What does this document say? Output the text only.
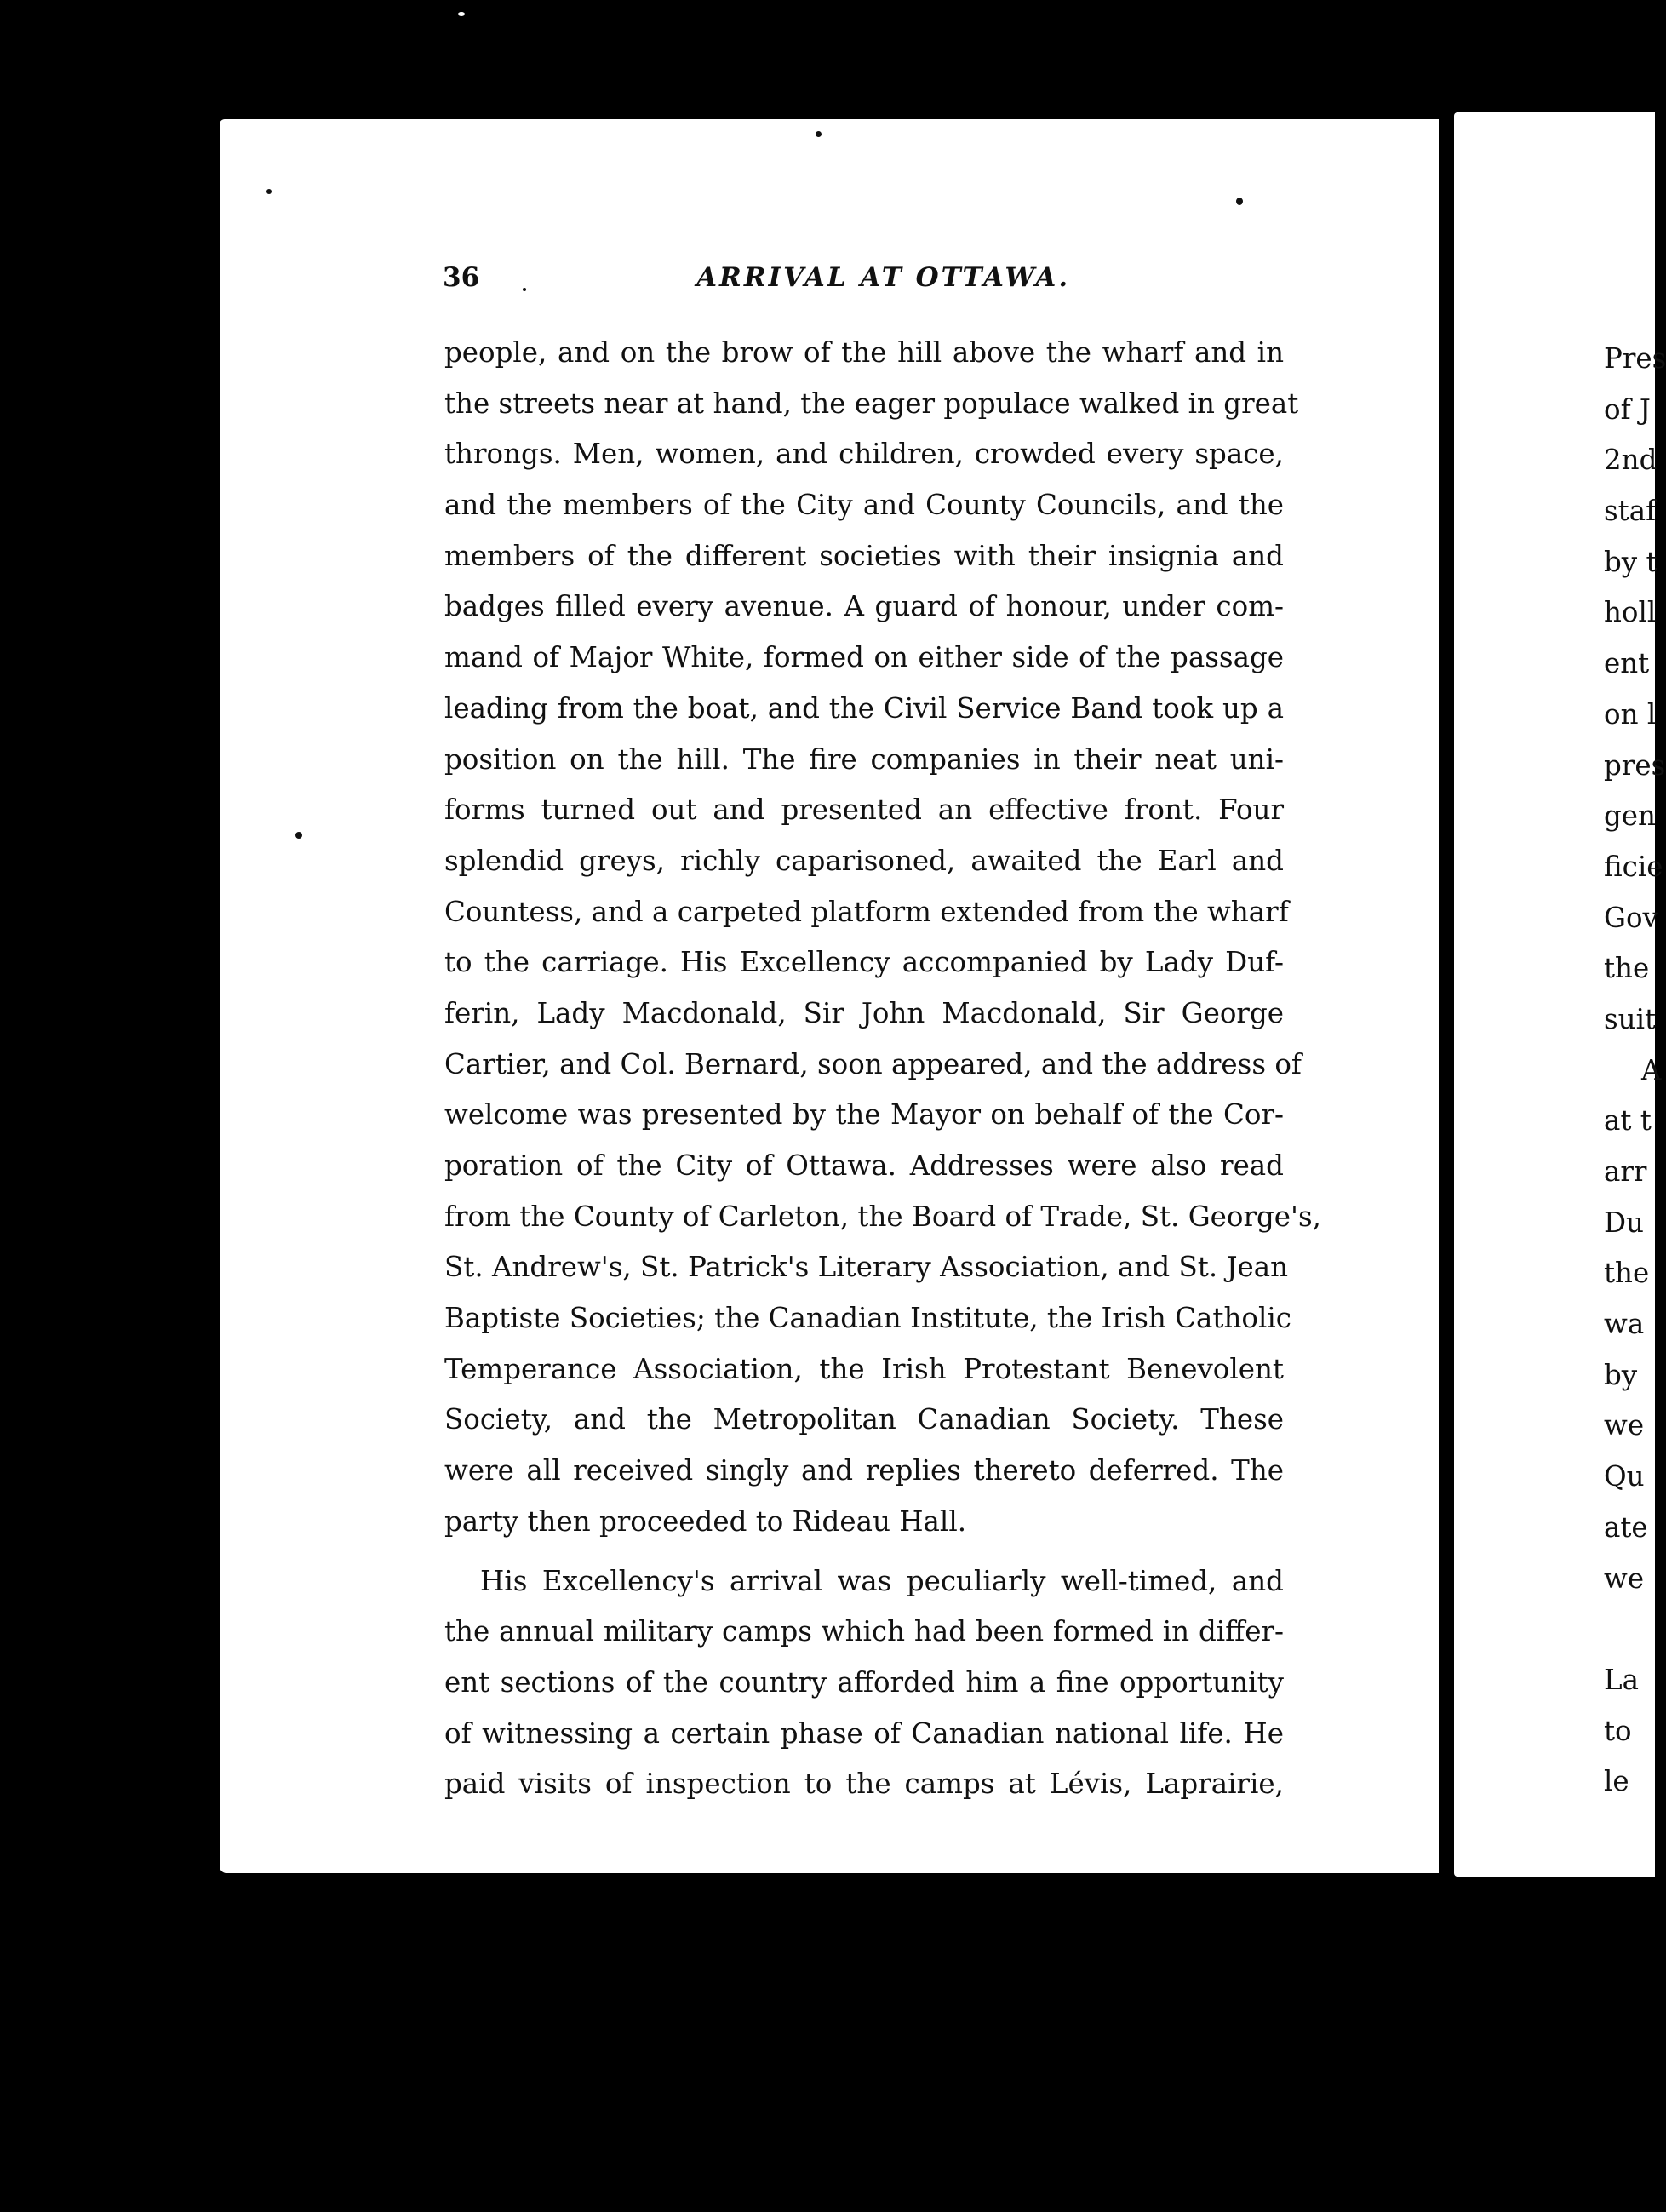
36	ARRIVAL AT OTTAWA.
people, and on the brow of the hill above the wharf and in
the streets near at hand, the eager populace walked in great
throngs. Men, women, and children, crowded every space,
and the members of the City and County Councils, and the
members of the different societies with their insignia and
badges filled every avenue. A guard of honour, under com-
mand of Major White, formed on either side of the passage
leading from the boat, and the Civil Service Band took up a
position on the hill. The fire companies in their neat uni-
forms turned out and presented an effective front. Four
splendid greys, richly caparisoned, awaited the Earl and
Countess, and a carpeted platform extended from the wharf
to the carriage. His Excellency accompanied by Lady Duf-
ferin, Lady Macdonald, Sir John Macdonald, Sir George
Cartier, and Col. Bernard, soon appeared, and the address of
welcome was presented by the Mayor on behalf of the Cor-
poration of the City of Ottawa. Addresses were also read
from the County of Carleton, the Board of Trade, St. George's,
St. Andrew's, St. Patrick's Literary Association, and St. Jean
Baptiste Societies; the Canadian Institute, the Irish Catholic
Temperance Association, the Irish Protestant Benevolent
Society, and the Metropolitan Canadian Society. These
were all received singly and replies thereto deferred. The
party then proceeded to Rideau Hall.
His Excellency's arrival was peculiarly well-timed, and
the annual military camps which had been formed in differ-
ent sections of the country afforded him a fine opportunity
of witnessing a certain phase of Canadian national life. He
paid visits of inspection to the camps at Lévis, Laprairie,
Pres
of J
2nd
staf
by t
holl
ent
on l
pres
gen
ficie
Gov
the
suit
A
at t
arr
Du
the
wa
by
we
Qu
ate
we
La
to
le
